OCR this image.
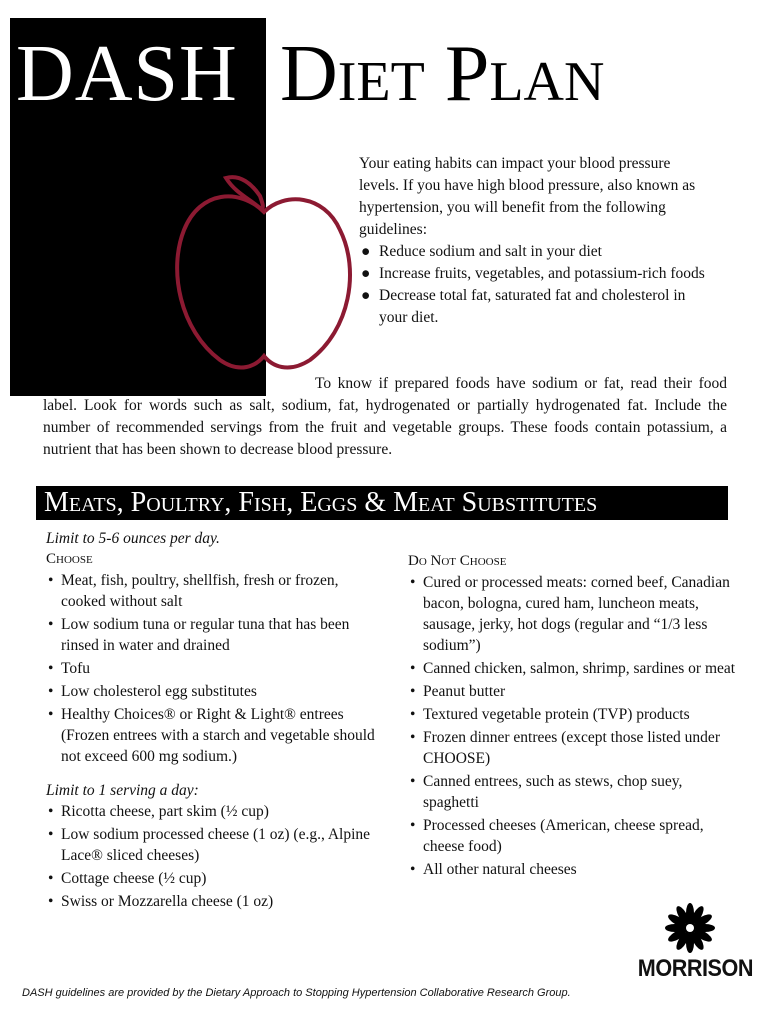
DASH Diet Plan

Your eating habits can impact your blood pressure levels. If you have high blood pressure, also known as hypertension, you will benefit from the following guidelines:

● Reduce sodium and salt in your diet
● Increase fruits, vegetables, and potassium-rich foods
● Decrease total fat, saturated fat and cholesterol in your diet.
To know if prepared foods have sodium or fat, read their food label. Look for words such as salt, sodium, fat, hydrogenated or partially hydrogenated fat. Include the number of recommended servings from the fruit and vegetable groups. These foods contain potassium, a nutrient that has been shown to decrease blood pressure.
Meats, Poultry, Fish, Eggs & Meat Substitutes

Limit to 5-6 ounces per day.

Choose

• Meat, fish, poultry, shellfish, fresh or frozen, cooked without salt
• Low sodium tuna or regular tuna that has been rinsed in water and drained
• Tofu
• Low cholesterol egg substitutes
• Healthy Choices® or Right & Light® entrees (Frozen entrees with a starch and vegetable should not exceed 600 mg sodium.)

Limit to 1 serving a day:

• Ricotta cheese, part skim (½ cup)
• Low sodium processed cheese (1 oz) (e.g., Alpine Lace® sliced cheeses)
• Cottage cheese (½ cup)
• Swiss or Mozzarella cheese (1 oz)

Do Not Choose

• Cured or processed meats: corned beef, Canadian bacon, bologna, cured ham, luncheon meats, sausage, jerky, hot dogs (regular and “1/3 less sodium”)
• Canned chicken, salmon, shrimp, sardines or meat
• Peanut butter
• Textured vegetable protein (TVP) products
• Frozen dinner entrees (except those listed under CHOOSE)
• Canned entrees, such as stews, chop suey, spaghetti
• Processed cheeses (American, cheese spread, cheese food)
• All other natural cheeses
MORRISON
DASH guidelines are provided by the Dietary Approach to Stopping Hypertension Collaborative Research Group.
